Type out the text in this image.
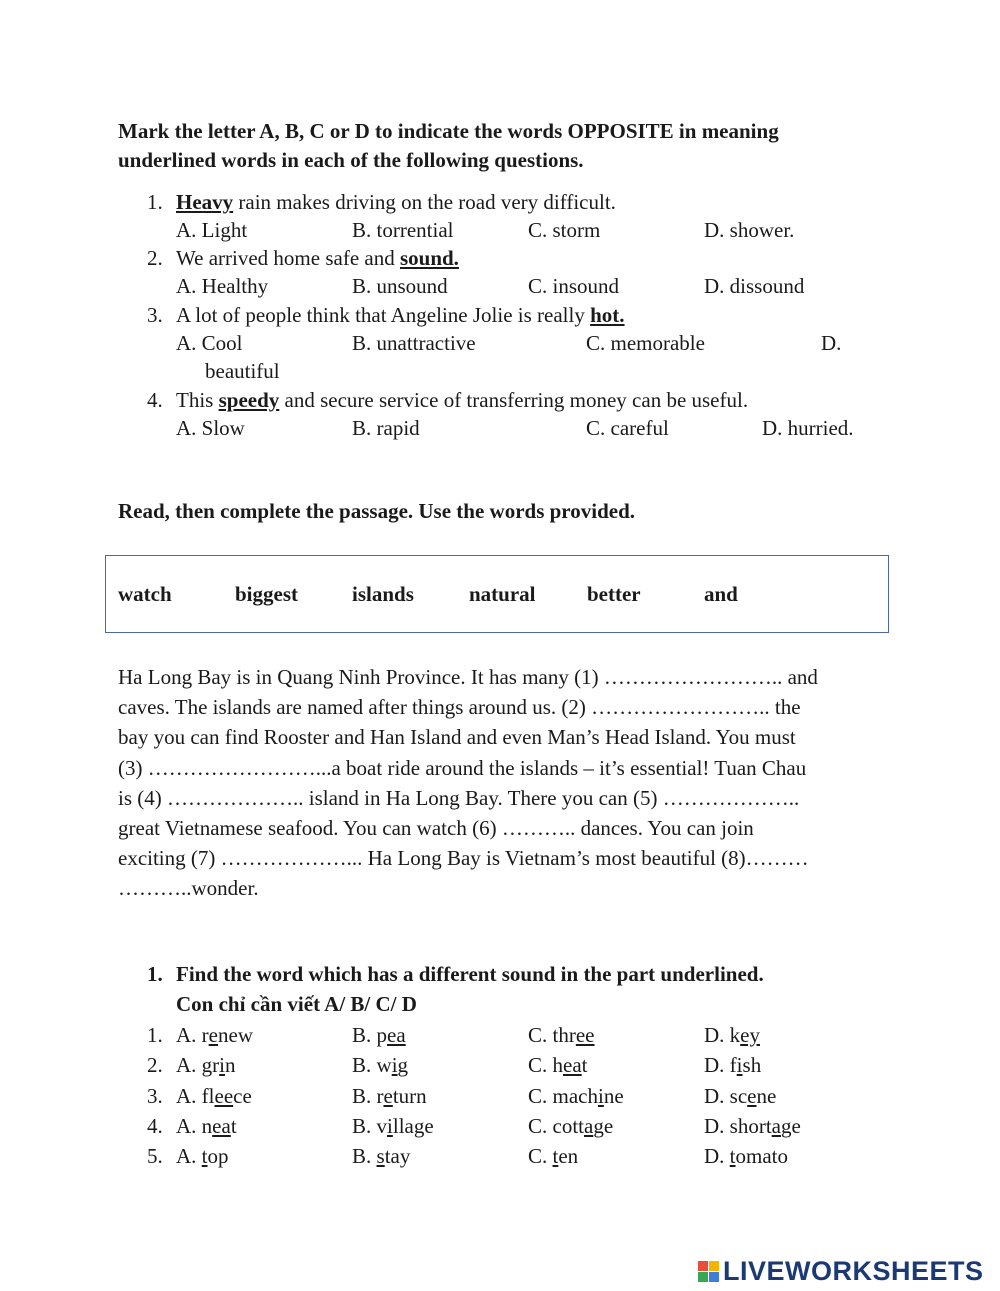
Mark the letter A, B, C or D to indicate the words OPPOSITE in meaning
underlined words in each of the following questions.
1. Heavy rain makes driving on the road very difficult.
A. Light	B. torrential	C. storm	D. shower.
2. We arrived home safe and sound.
A. Healthy	B. unsound	C. insound	D. dissound
3. A lot of people think that Angeline Jolie is really hot.
A. Cool	B. unattractive	C. memorable	D.
beautiful
4. This speedy and secure service of transferring money can be useful.
A. Slow	B. rapid	C. careful	D. hurried.
Read, then complete the passage. Use the words provided.
watch	biggest	islands	natural better	and
Ha Long Bay is in Quang Ninh Province. It has many (1) …………………….. and
caves. The islands are named after things around us. (2) …………………….. the
bay you can find Rooster and Han Island and even Man’s Head Island. You must
(3) ……………………...a boat ride around the islands – it’s essential! Tuan Chau
is (4) ……………….. island in Ha Long Bay. There you can (5) ………………..
great Vietnamese seafood. You can watch (6) ……….. dances. You can join
exciting (7) ………………... Ha Long Bay is Vietnam’s most beautiful (8)………
………..wonder.
1. Find the word which has a different sound in the part underlined.
Con chỉ cần viết A/ B/ C/ D
1. A. renew	B. pea	C. three	D. key
2. A. grin	B. wig	C. heat	D. fish
3. A. fleece	B. return	C. machine	D. scene
4. A. neat	B. village	C. cottage	D. shortage
5. A. top	B. stay	C. ten	D. tomato
LIVEWORKSHEETS
